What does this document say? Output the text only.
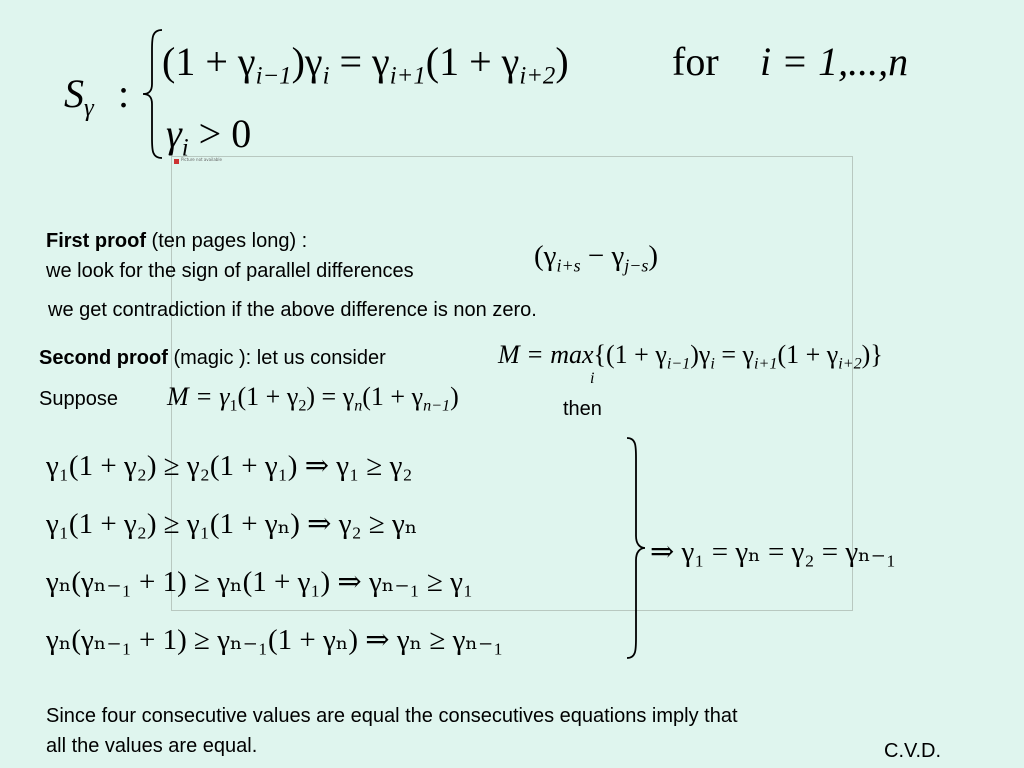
Picture not available
$S_\gamma$ :
$(1 + \gamma_{i-1})\gamma_i = \gamma_{i+1}(1 + \gamma_{i+2})$	for i = 1,...,n
$\gamma_i > 0$
First proof (ten pages long) :
we look for the sign of parallel differences	$(\gamma_{i+s} - \gamma_{j-s})$
we get contradiction if the above difference is non zero.
Second proof (magic ): let us consider	$M = \max\{(1 + \gamma_{i-1})\gamma_i = \gamma_{i+1}(1 + \gamma_{i+2})\}$
i
Suppose $M = \gamma_1(1 + \gamma_2) = \gamma_n(1 + \gamma_{n-1})$	then
γ₁(1 + γ₂) ≥ γ₂(1 + γ₁) ⇒ γ₁ ≥ γ₂
γ₁(1 + γ₂) ≥ γ₁(1 + γₙ) ⇒ γ₂ ≥ γₙ
γₙ(γₙ₋₁ + 1) ≥ γₙ(1 + γ₁) ⇒ γₙ₋₁ ≥ γ₁
γₙ(γₙ₋₁ + 1) ≥ γₙ₋₁(1 + γₙ) ⇒ γₙ ≥ γₙ₋₁
⇒ γ₁ = γₙ = γ₂ = γₙ₋₁
Since four consecutive values are equal the consecutives equations imply that
all the values are equal.	C.V.D.
